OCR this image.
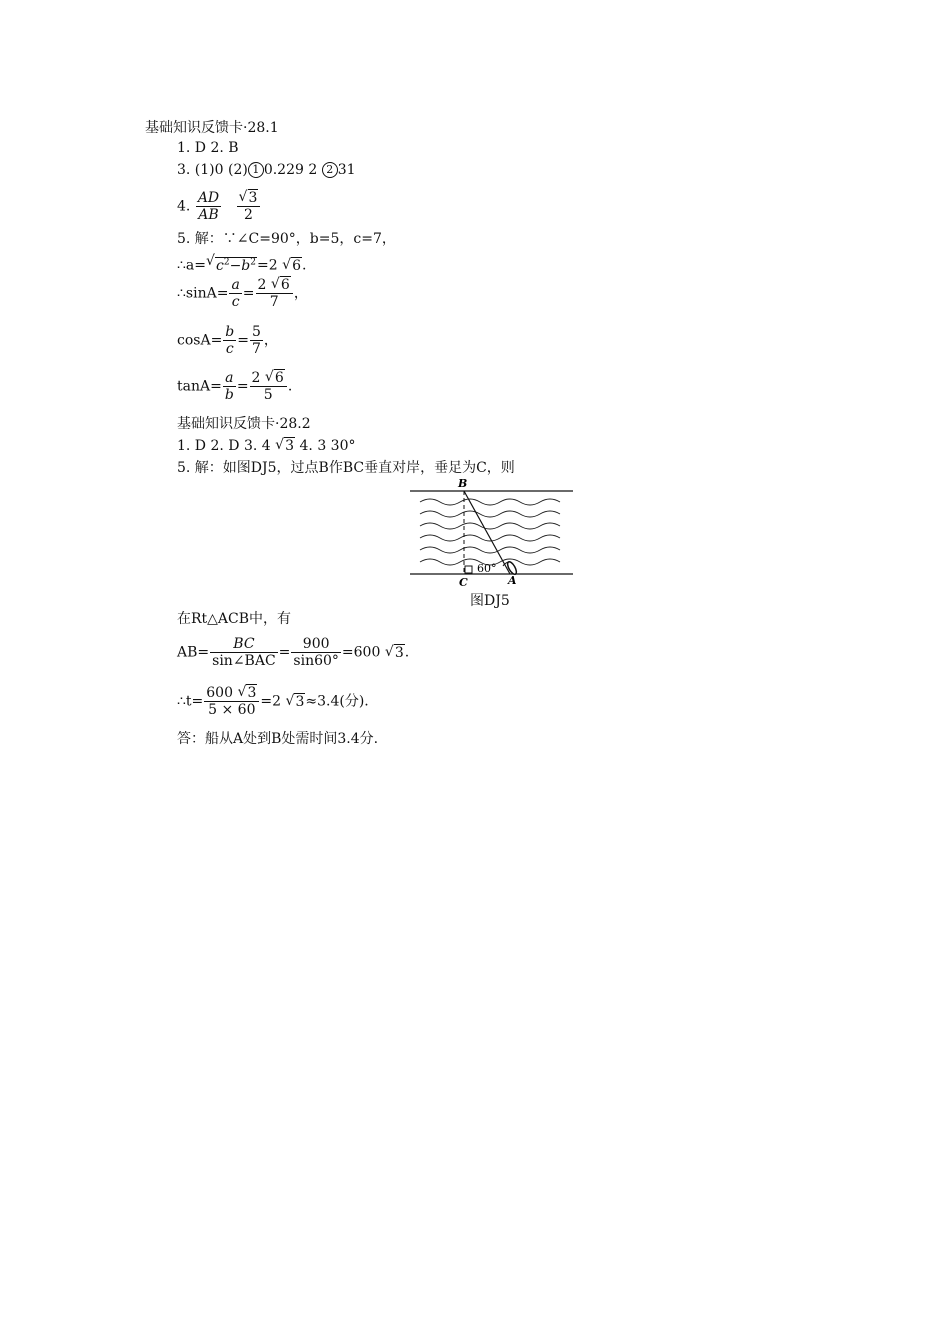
基础知识反馈卡·28.1
1. D 2. B
3. (1)0 (2) 1 0.229 2 2 31
4. $\frac{AD}{AB}$
√ $\frac{3}{2}$
5. 解：∵∠C=90°，b=5，c=7，
∴a= √ $c^2-b^2=2$ √ 6.
∴sinA= $\frac{a}{c} = \frac{2 √ 6}{7}$ ，
$\cos A= \frac{b}{c} = \frac{5}{7}$ ，
$\tan A= \frac{a}{b} = \frac{2 √ 6}{5}$ .
基础知识反馈卡·28.2
1. D 2. D 3. 4 √ 3 4. 3 30°
5. 解：如图DJ5，过点B作BC垂直对岸，垂足为C，则
B
C	A
60°
图DJ5
在Rt△ACB中，有
$AB= \frac{BC}{\text{sin∠BAC}} = \frac{900}{\sin 60^\circ} =600$ √ 3.
∴t= $\frac{600 √ 3}{5 \times 60} =2$ √ 3≈3.4(分).
答：船从A处到B处需时间3.4分.
